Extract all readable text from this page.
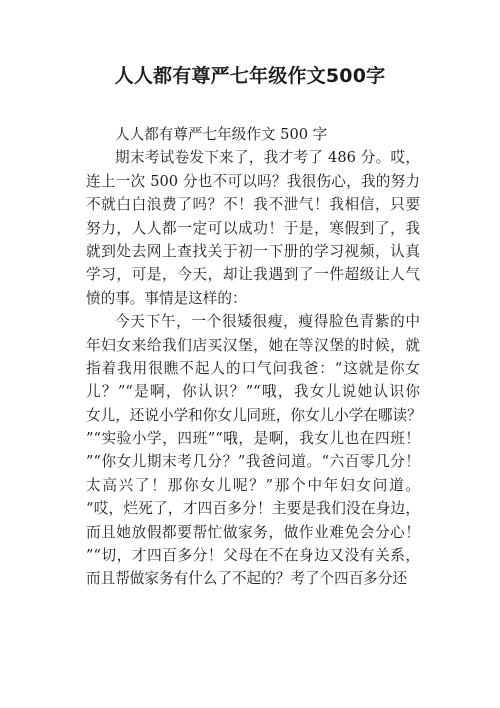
人人都有尊严七年级作文500字
人人都有尊严七年级作文 500 字
期末考试卷发下来了，我才考了 486 分。哎，
连上一次 500 分也不可以吗？我很伤心，我的努力
不就白白浪费了吗？不！我不泄气！我相信，只要
努力，人人都一定可以成功！于是，寒假到了，我
就到处去网上查找关于初一下册的学习视频，认真
学习，可是，今天，却让我遇到了一件超级让人气
愤的事。事情是这样的：
今天下午，一个很矮很瘦，瘦得脸色青紫的中
年妇女来给我们店买汉堡，她在等汉堡的时候，就
指着我用很瞧不起人的口气问我爸：“这就是你女
儿？”“是啊，你认识？”“哦，我女儿说她认识你
女儿，还说小学和你女儿同班，你女儿小学在哪读？
”“实验小学，四班”“哦，是啊，我女儿也在四班！
”“你女儿期末考几分？”我爸问道。“六百零几分！
太高兴了！那你女儿呢？”那个中年妇女问道。
“哎，烂死了，才四百多分！主要是我们没在身边，
而且她放假都要帮忙做家务，做作业难免会分心！
”“切，才四百多分！父母在不在身边又没有关系，
而且帮做家务有什么了不起的？考了个四百多分还
